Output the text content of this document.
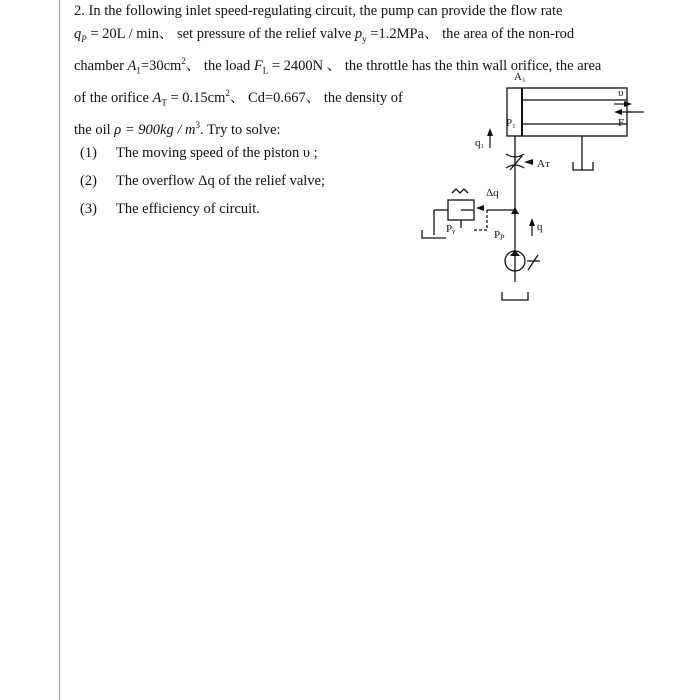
2. In the following inlet speed-regulating circuit, the pump can provide the flow rate

$q_P = 20L / \min$、 set pressure of the relief valve $p_y =1.2MPa$、 the area of the non-rod

chamber $A_1=30cm^2$、 the load $F_L = 2400N$ 、 the throttle has the thin wall orifice, the area

of the orifice $A_T = 0.15cm^2$、 Cd=0.667、 the density of

the oil $\rho = 900kg / m^3$. Try to solve:

(1) The moving speed of the piston υ ;

(2) The overflow Δq of the relief valve;

(3) The efficiency of circuit.

A₁
P₁
υ
F
q₁
Aᴛ
Δq
Pᵧ	Pₚ
q
